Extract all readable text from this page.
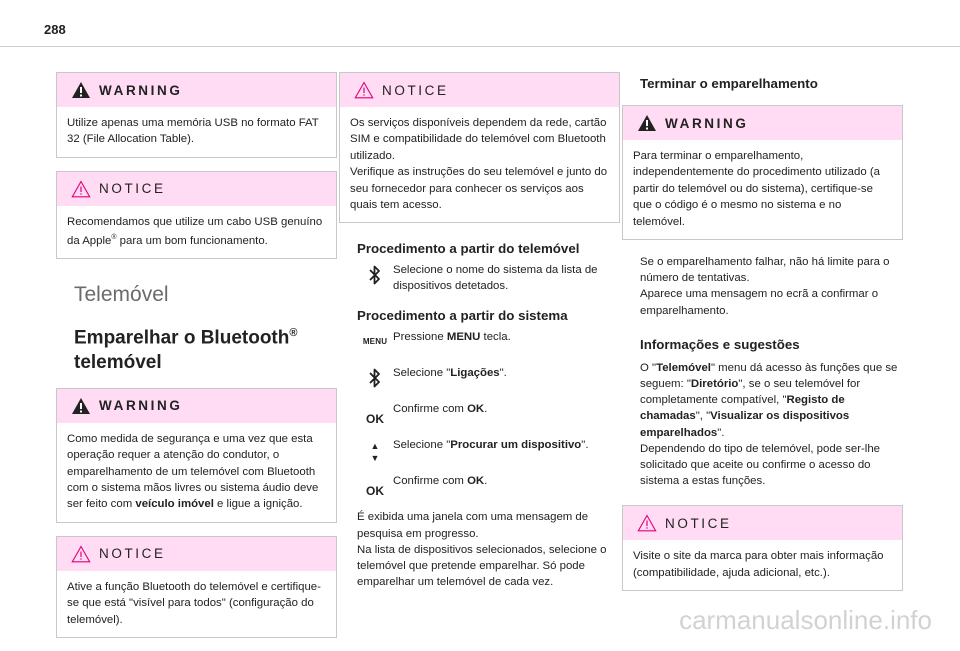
288
WARNING
Utilize apenas uma memória USB no formato FAT 32 (File Allocation Table).
NOTICE
Recomendamos que utilize um cabo USB genuíno da Apple® para um bom funcionamento.
Telemóvel
Emparelhar o Bluetooth®
telemóvel
WARNING
Como medida de segurança e uma vez que esta operação requer a atenção do condutor, o emparelhamento de um telemóvel com Bluetooth com o sistema mãos livres ou sistema áudio deve ser feito com veículo imóvel e ligue a ignição.
NOTICE
Ative a função Bluetooth do telemóvel e certifique-se que está "visível para todos" (configuração do telemóvel).
NOTICE
Os serviços disponíveis dependem da rede, cartão SIM e compatibilidade do telemóvel com Bluetooth utilizado.
Verifique as instruções do seu telemóvel e junto do seu fornecedor para conhecer os serviços aos quais tem acesso.
Procedimento a partir do telemóvel
Selecione o nome do sistema da lista de dispositivos detetados.
Procedimento a partir do sistema
MENU Pressione MENU tecla.
Selecione "Ligações".
OK
Confirme com OK.
▲
▼
Selecione "Procurar um dispositivo".
OK
Confirme com OK.
É exibida uma janela com uma mensagem de pesquisa em progresso.
Na lista de dispositivos selecionados, selecione o telemóvel que pretende emparelhar. Só pode emparelhar um telemóvel de cada vez.
Terminar o emparelhamento
WARNING
Para terminar o emparelhamento, independentemente do procedimento utilizado (a partir do telemóvel ou do sistema), certifique-se que o código é o mesmo no sistema e no telemóvel.
Se o emparelhamento falhar, não há limite para o número de tentativas.
Aparece uma mensagem no ecrã a confirmar o emparelhamento.
Informações e sugestões
O "Telemóvel" menu dá acesso às funções que se seguem: "Diretório", se o seu telemóvel for completamente compatível, "Registo de chamadas", "Visualizar os dispositivos emparelhados".
Dependendo do tipo de telemóvel, pode ser-lhe solicitado que aceite ou confirme o acesso do sistema a estas funções.
NOTICE
Visite o site da marca para obter mais informação (compatibilidade, ajuda adicional, etc.).
carmanualsonline.info
